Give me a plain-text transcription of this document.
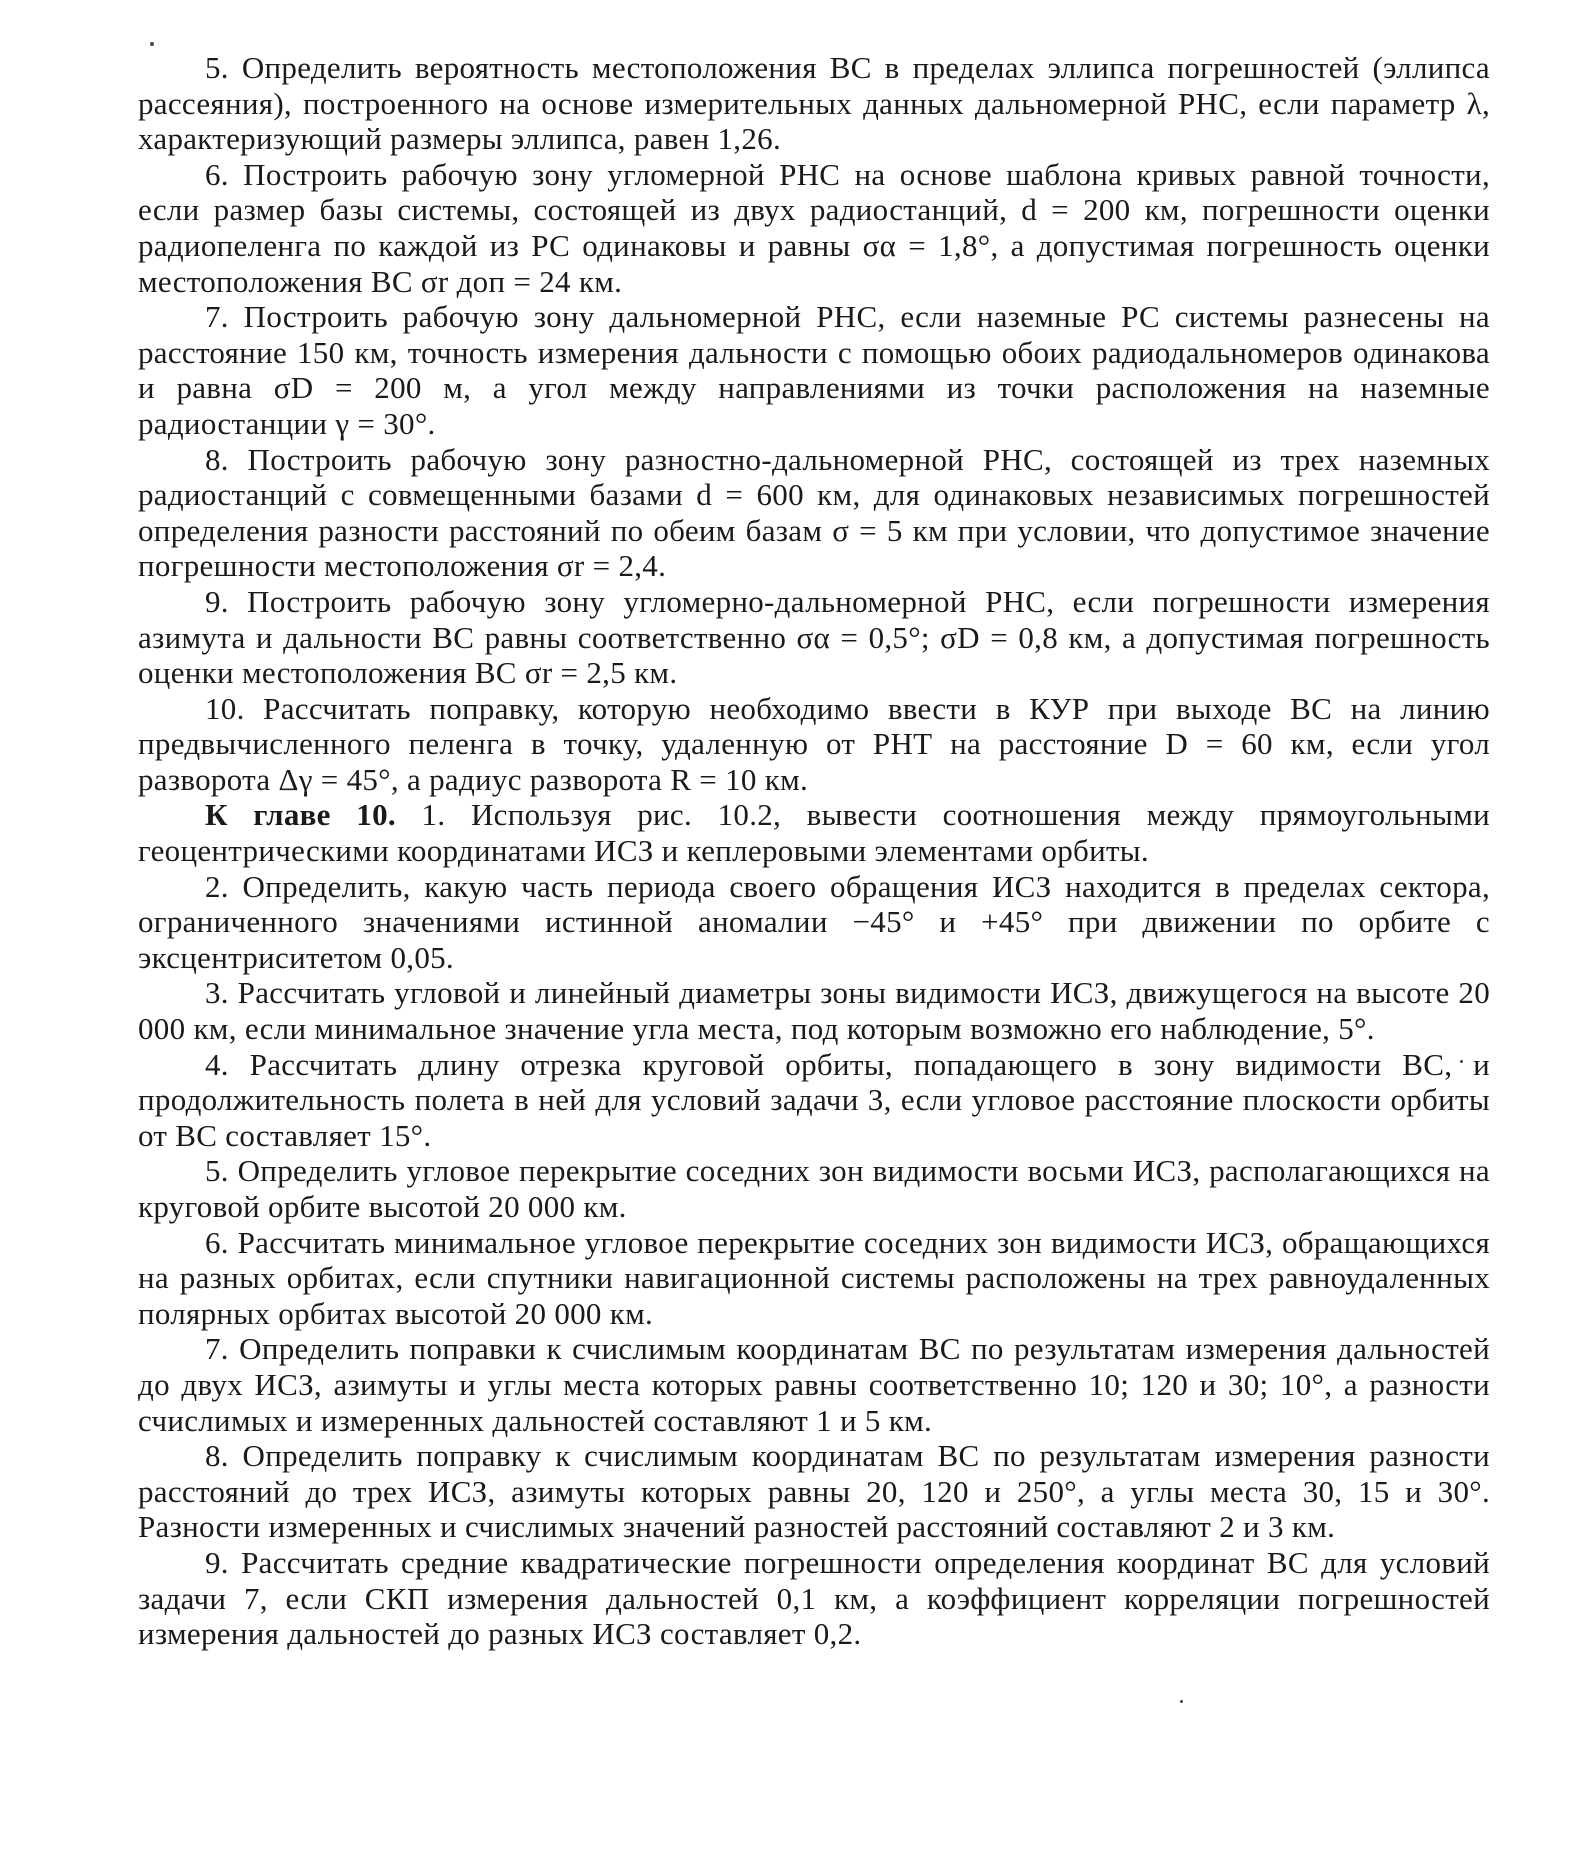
5. Определить вероятность местоположения ВС в пределах эллипса погрешностей (эллипса рассеяния), построенного на основе измерительных данных дальномерной РНС, если параметр λ, характеризующий размеры эллипса, равен 1,26.

6. Построить рабочую зону угломерной РНС на основе шаблона кривых равной точности, если размер базы системы, состоящей из двух радиостанций, d = 200 км, погрешности оценки радиопеленга по каждой из РС одинаковы и равны σα = 1,8°, а допустимая погрешность оценки местоположения ВС σr доп = 24 км.

7. Построить рабочую зону дальномерной РНС, если наземные РС системы разнесены на расстояние 150 км, точность измерения дальности с помощью обоих радиодальномеров одинакова и равна σD = 200 м, а угол между направлениями из точки расположения на наземные радиостанции γ = 30°.

8. Построить рабочую зону разностно-дальномерной РНС, состоящей из трех наземных радиостанций с совмещенными базами d = 600 км, для одинаковых независимых погрешностей определения разности расстояний по обеим базам σ = 5 км при условии, что допустимое значение погрешности местоположения σr = 2,4.

9. Построить рабочую зону угломерно-дальномерной РНС, если погрешности измерения азимута и дальности ВС равны соответственно σα = 0,5°; σD = 0,8 км, а допустимая погрешность оценки местоположения ВС σr = 2,5 км.

10. Рассчитать поправку, которую необходимо ввести в КУР при выходе ВС на линию предвычисленного пеленга в точку, удаленную от РНТ на расстояние D = 60 км, если угол разворота Δγ = 45°, а радиус разворота R = 10 км.

К главе 10. 1. Используя рис. 10.2, вывести соотношения между прямоугольными геоцентрическими координатами ИСЗ и кеплеровыми элементами орбиты.

2. Определить, какую часть периода своего обращения ИСЗ находится в пределах сектора, ограниченного значениями истинной аномалии −45° и +45° при движении по орбите с эксцентриситетом 0,05.

3. Рассчитать угловой и линейный диаметры зоны видимости ИСЗ, движущегося на высоте 20 000 км, если минимальное значение угла места, под которым возможно его наблюдение, 5°.

4. Рассчитать длину отрезка круговой орбиты, попадающего в зону видимости ВС, и продолжительность полета в ней для условий задачи 3, если угловое расстояние плоскости орбиты от ВС составляет 15°.

5. Определить угловое перекрытие соседних зон видимости восьми ИСЗ, располагающихся на круговой орбите высотой 20 000 км.

6. Рассчитать минимальное угловое перекрытие соседних зон видимости ИСЗ, обращающихся на разных орбитах, если спутники навигационной системы расположены на трех равноудаленных полярных орбитах высотой 20 000 км.

7. Определить поправки к счислимым координатам ВС по результатам измерения дальностей до двух ИСЗ, азимуты и углы места которых равны соответственно 10; 120 и 30; 10°, а разности счислимых и измеренных дальностей составляют 1 и 5 км.

8. Определить поправку к счислимым координатам ВС по результатам измерения разности расстояний до трех ИСЗ, азимуты которых равны 20, 120 и 250°, а углы места 30, 15 и 30°. Разности измеренных и счислимых значений разностей расстояний составляют 2 и 3 км.

9. Рассчитать средние квадратические погрешности определения координат ВС для условий задачи 7, если СКП измерения дальностей 0,1 км, а коэффициент корреляции погрешностей измерения дальностей до разных ИСЗ составляет 0,2.
